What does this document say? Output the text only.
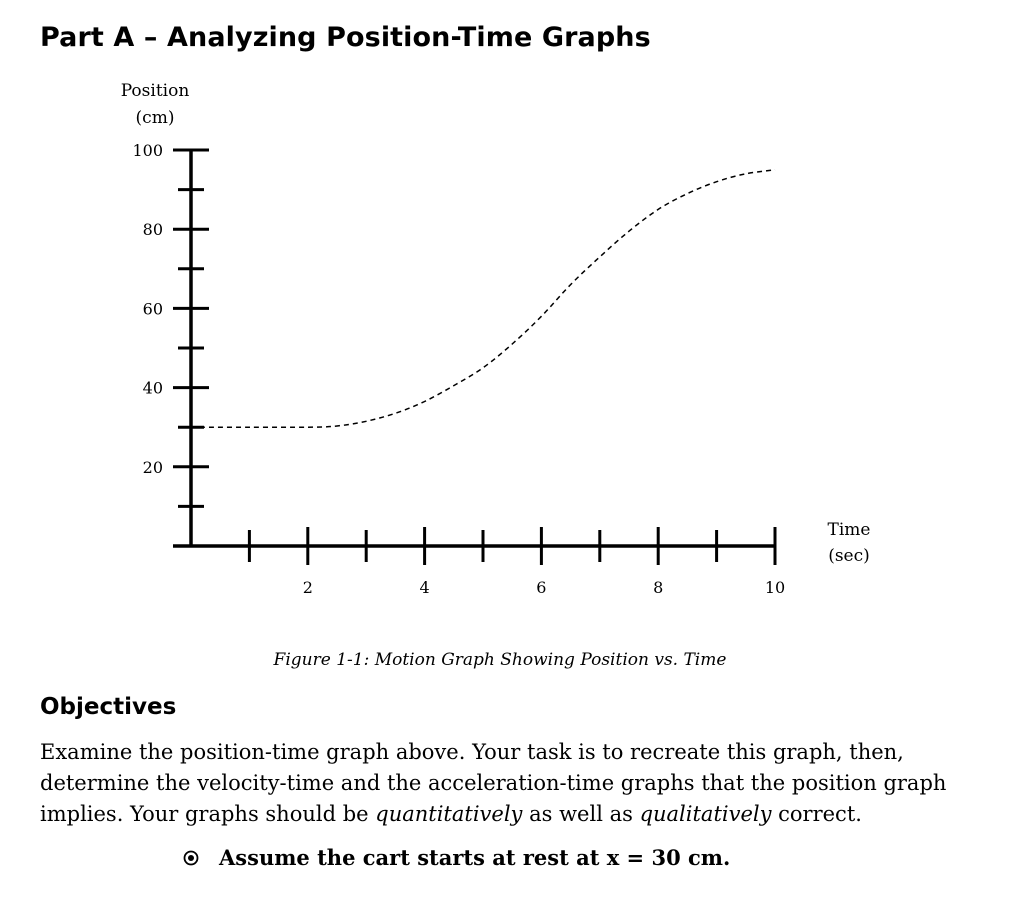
Part A – Analyzing Position-Time Graphs
Position
(cm)
Time
(sec)
20
40
60
80
100
2	4	6	8	10
Figure 1-1: Motion Graph Showing Position vs. Time
Objectives

Examine the position-time graph above. Your task is to recreate this graph, then, determine the velocity-time and the acceleration-time graphs that the position graph implies. Your graphs should be quantitatively as well as qualitatively correct.

Assume the cart starts at rest at x = 30 cm.
